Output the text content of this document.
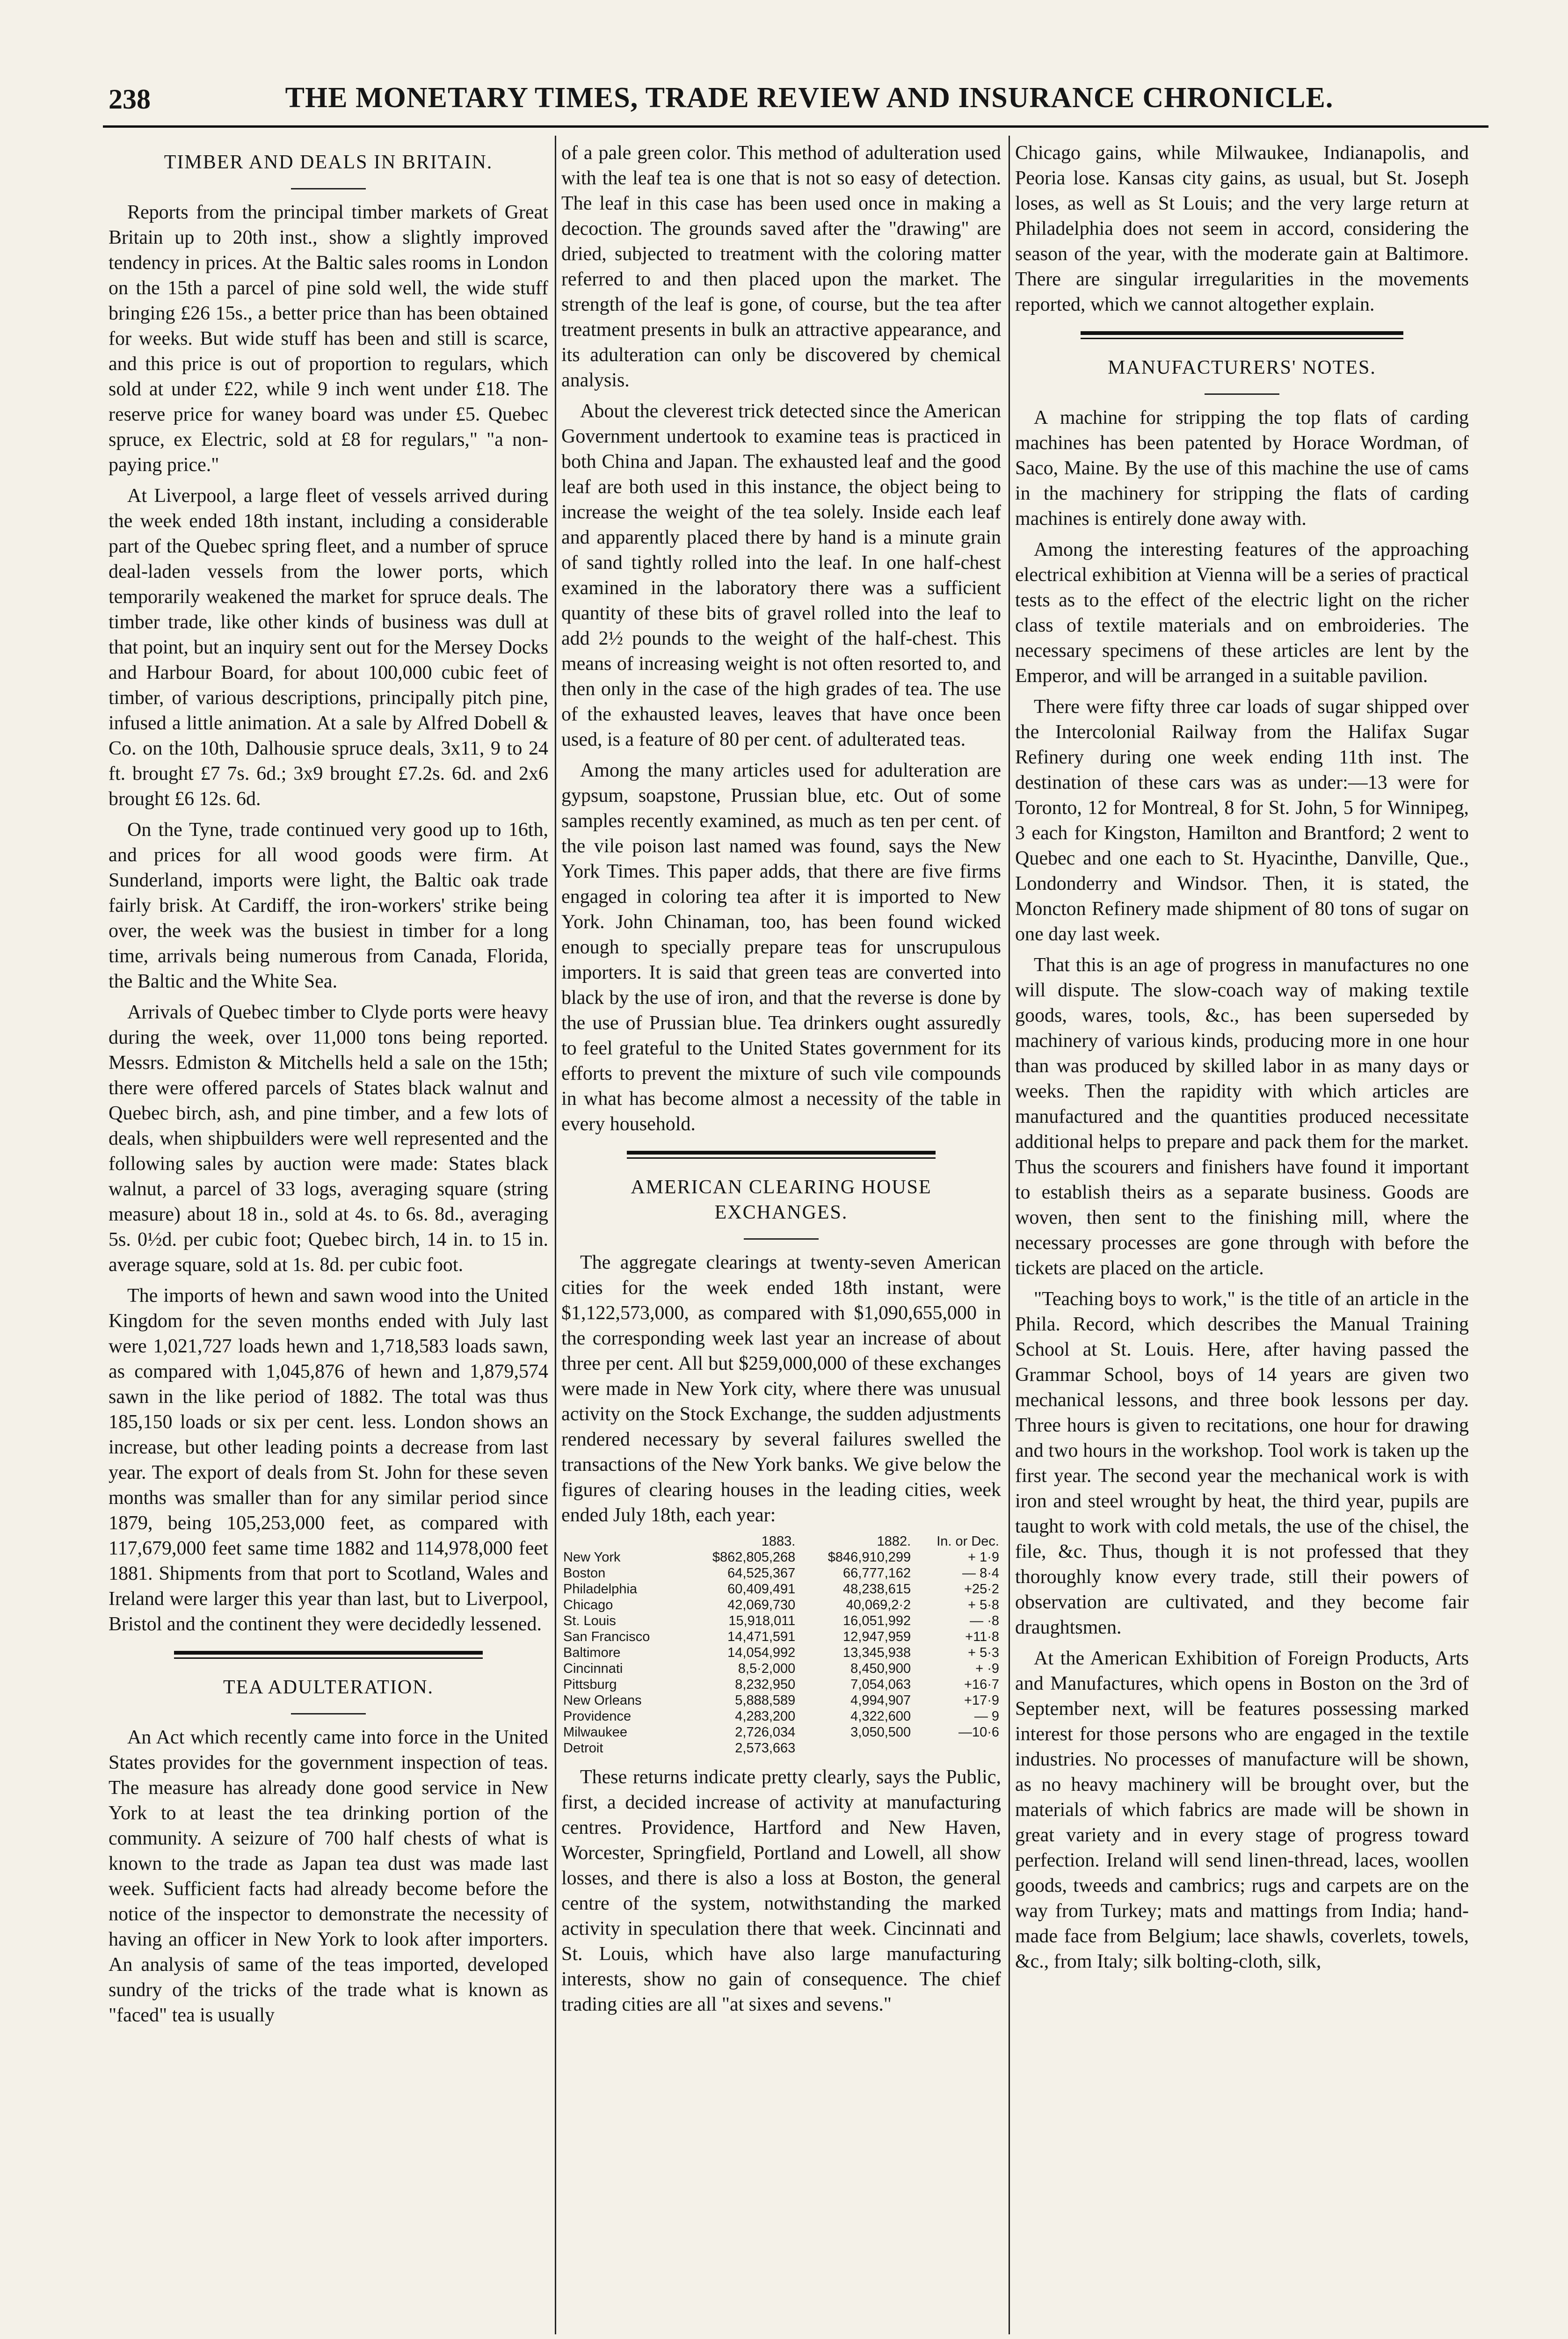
238	THE MONETARY TIMES, TRADE REVIEW AND INSURANCE CHRONICLE.
TIMBER AND DEALS IN BRITAIN.

Reports from the principal timber markets of Great Britain up to 20th inst., show a slightly improved tendency in prices. At the Baltic sales rooms in London on the 15th a parcel of pine sold well, the wide stuff bringing £26 15s., a better price than has been obtained for weeks. But wide stuff has been and still is scarce, and this price is out of proportion to regulars, which sold at under £22, while 9 inch went under £18. The reserve price for waney board was under £5. Quebec spruce, ex Electric, sold at £8 for regulars," "a non-paying price."

At Liverpool, a large fleet of vessels arrived during the week ended 18th instant, including a considerable part of the Quebec spring fleet, and a number of spruce deal-laden vessels from the lower ports, which temporarily weakened the market for spruce deals. The timber trade, like other kinds of business was dull at that point, but an inquiry sent out for the Mersey Docks and Harbour Board, for about 100,000 cubic feet of timber, of various descriptions, principally pitch pine, infused a little animation. At a sale by Alfred Dobell & Co. on the 10th, Dalhousie spruce deals, 3x11, 9 to 24 ft. brought £7 7s. 6d.; 3x9 brought £7.2s. 6d. and 2x6 brought £6 12s. 6d.

On the Tyne, trade continued very good up to 16th, and prices for all wood goods were firm. At Sunderland, imports were light, the Baltic oak trade fairly brisk. At Cardiff, the iron-workers' strike being over, the week was the busiest in timber for a long time, arrivals being numerous from Canada, Florida, the Baltic and the White Sea.

Arrivals of Quebec timber to Clyde ports were heavy during the week, over 11,000 tons being reported. Messrs. Edmiston & Mitchells held a sale on the 15th; there were offered parcels of States black walnut and Quebec birch, ash, and pine timber, and a few lots of deals, when shipbuilders were well represented and the following sales by auction were made: States black walnut, a parcel of 33 logs, averaging square (string measure) about 18 in., sold at 4s. to 6s. 8d., averaging 5s. 0½d. per cubic foot; Quebec birch, 14 in. to 15 in. average square, sold at 1s. 8d. per cubic foot.

The imports of hewn and sawn wood into the United Kingdom for the seven months ended with July last were 1,021,727 loads hewn and 1,718,583 loads sawn, as compared with 1,045,876 of hewn and 1,879,574 sawn in the like period of 1882. The total was thus 185,150 loads or six per cent. less. London shows an increase, but other leading points a decrease from last year. The export of deals from St. John for these seven months was smaller than for any similar period since 1879, being 105,253,000 feet, as compared with 117,679,000 feet same time 1882 and 114,978,000 feet 1881. Shipments from that port to Scotland, Wales and Ireland were larger this year than last, but to Liverpool, Bristol and the continent they were decidedly lessened.

TEA ADULTERATION.

An Act which recently came into force in the United States provides for the government inspection of teas. The measure has already done good service in New York to at least the tea drinking portion of the community. A seizure of 700 half chests of what is known to the trade as Japan tea dust was made last week. Sufficient facts had already become before the notice of the inspector to demonstrate the necessity of having an officer in New York to look after importers. An analysis of same of the teas imported, developed sundry of the tricks of the trade what is known as "faced" tea is usually

of a pale green color. This method of adulteration used with the leaf tea is one that is not so easy of detection. The leaf in this case has been used once in making a decoction. The grounds saved after the "drawing" are dried, subjected to treatment with the coloring matter referred to and then placed upon the market. The strength of the leaf is gone, of course, but the tea after treatment presents in bulk an attractive appearance, and its adulteration can only be discovered by chemical analysis.

About the cleverest trick detected since the American Government undertook to examine teas is practiced in both China and Japan. The exhausted leaf and the good leaf are both used in this instance, the object being to increase the weight of the tea solely. Inside each leaf and apparently placed there by hand is a minute grain of sand tightly rolled into the leaf. In one half-chest examined in the laboratory there was a sufficient quantity of these bits of gravel rolled into the leaf to add 2½ pounds to the weight of the half-chest. This means of increasing weight is not often resorted to, and then only in the case of the high grades of tea. The use of the exhausted leaves, leaves that have once been used, is a feature of 80 per cent. of adulterated teas.

Among the many articles used for adulteration are gypsum, soapstone, Prussian blue, etc. Out of some samples recently examined, as much as ten per cent. of the vile poison last named was found, says the New York Times. This paper adds, that there are five firms engaged in coloring tea after it is imported to New York. John Chinaman, too, has been found wicked enough to specially prepare teas for unscrupulous importers. It is said that green teas are converted into black by the use of iron, and that the reverse is done by the use of Prussian blue. Tea drinkers ought assuredly to feel grateful to the United States government for its efforts to prevent the mixture of such vile compounds in what has become almost a necessity of the table in every household.

AMERICAN CLEARING HOUSE EXCHANGES.

The aggregate clearings at twenty-seven American cities for the week ended 18th instant, were $1,122,573,000, as compared with $1,090,655,000 in the corresponding week last year an increase of about three per cent. All but $259,000,000 of these exchanges were made in New York city, where there was unusual activity on the Stock Exchange, the sudden adjustments rendered necessary by several failures swelled the transactions of the New York banks. We give below the figures of clearing houses in the leading cities, week ended July 18th, each year:

	1883.	1882.	In. or Dec.
New York	$862,805,268	$846,910,299	+ 1·9
Boston	64,525,367	66,777,162	— 8·4
Philadelphia	60,409,491	48,238,615	+25·2
Chicago	42,069,730	40,069,2·2	+ 5·8
St. Louis	15,918,011	16,051,992	— ·8
San Francisco	14,471,591	12,947,959	+11·8
Baltimore	14,054,992	13,345,938	+ 5·3
Cincinnati	8,5·2,000	8,450,900	+ ·9
Pittsburg	8,232,950	7,054,063	+16·7
New Orleans	5,888,589	4,994,907	+17·9
Providence	4,283,200	4,322,600	— 9
Milwaukee	2,726,034	3,050,500	—10·6
Detroit	2,573,663		

These returns indicate pretty clearly, says the Public, first, a decided increase of activity at manufacturing centres. Providence, Hartford and New Haven, Worcester, Springfield, Portland and Lowell, all show losses, and there is also a loss at Boston, the general centre of the system, notwithstanding the marked activity in speculation there that week. Cincinnati and St. Louis, which have also large manufacturing interests, show no gain of consequence. The chief trading cities are all "at sixes and sevens."

Chicago gains, while Milwaukee, Indianapolis, and Peoria lose. Kansas city gains, as usual, but St. Joseph loses, as well as St Louis; and the very large return at Philadelphia does not seem in accord, considering the season of the year, with the moderate gain at Baltimore. There are singular irregularities in the movements reported, which we cannot altogether explain.

MANUFACTURERS' NOTES.

A machine for stripping the top flats of carding machines has been patented by Horace Wordman, of Saco, Maine. By the use of this machine the use of cams in the machinery for stripping the flats of carding machines is entirely done away with.

Among the interesting features of the approaching electrical exhibition at Vienna will be a series of practical tests as to the effect of the electric light on the richer class of textile materials and on embroideries. The necessary specimens of these articles are lent by the Emperor, and will be arranged in a suitable pavilion.

There were fifty three car loads of sugar shipped over the Intercolonial Railway from the Halifax Sugar Refinery during one week ending 11th inst. The destination of these cars was as under:—13 were for Toronto, 12 for Montreal, 8 for St. John, 5 for Winnipeg, 3 each for Kingston, Hamilton and Brantford; 2 went to Quebec and one each to St. Hyacinthe, Danville, Que., Londonderry and Windsor. Then, it is stated, the Moncton Refinery made shipment of 80 tons of sugar on one day last week.

That this is an age of progress in manufactures no one will dispute. The slow-coach way of making textile goods, wares, tools, &c., has been superseded by machinery of various kinds, producing more in one hour than was produced by skilled labor in as many days or weeks. Then the rapidity with which articles are manufactured and the quantities produced necessitate additional helps to prepare and pack them for the market. Thus the scourers and finishers have found it important to establish theirs as a separate business. Goods are woven, then sent to the finishing mill, where the necessary processes are gone through with before the tickets are placed on the article.

"Teaching boys to work," is the title of an article in the Phila. Record, which describes the Manual Training School at St. Louis. Here, after having passed the Grammar School, boys of 14 years are given two mechanical lessons, and three book lessons per day. Three hours is given to recitations, one hour for drawing and two hours in the workshop. Tool work is taken up the first year. The second year the mechanical work is with iron and steel wrought by heat, the third year, pupils are taught to work with cold metals, the use of the chisel, the file, &c. Thus, though it is not professed that they thoroughly know every trade, still their powers of observation are cultivated, and they become fair draughtsmen.

At the American Exhibition of Foreign Products, Arts and Manufactures, which opens in Boston on the 3rd of September next, will be features possessing marked interest for those persons who are engaged in the textile industries. No processes of manufacture will be shown, as no heavy machinery will be brought over, but the materials of which fabrics are made will be shown in great variety and in every stage of progress toward perfection. Ireland will send linen-thread, laces, woollen goods, tweeds and cambrics; rugs and carpets are on the way from Turkey; mats and mattings from India; hand-made face from Belgium; lace shawls, coverlets, towels, &c., from Italy; silk bolting-cloth, silk,
